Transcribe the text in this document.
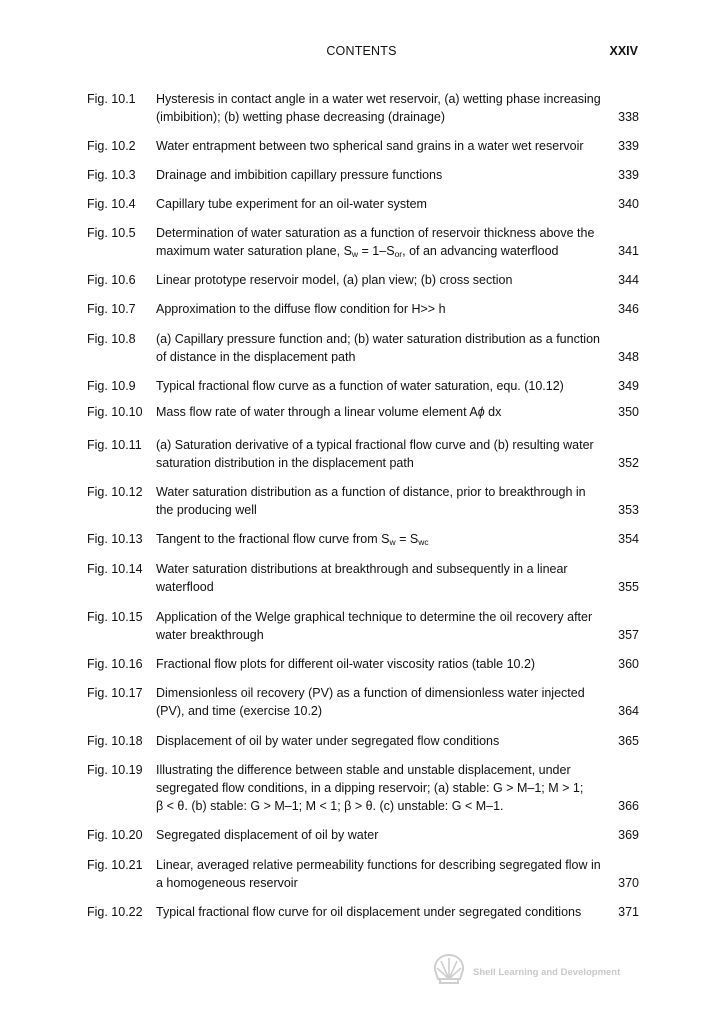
CONTENTS	XXIV
Fig. 10.1 Hysteresis in contact angle in a water wet reservoir, (a) wetting phase increasing
(imbibition); (b) wetting phase decreasing (drainage)	338
Fig. 10.2 Water entrapment between two spherical sand grains in a water wet reservoir	339
Fig. 10.3 Drainage and imbibition capillary pressure functions	339
Fig. 10.4 Capillary tube experiment for an oil-water system	340
Fig. 10.5 Determination of water saturation as a function of reservoir thickness above the
maximum water saturation plane, $S_w = 1-S_{or}$, of an advancing waterflood	341
Fig. 10.6 Linear prototype reservoir model, (a) plan view; (b) cross section	344
Fig. 10.7 Approximation to the diffuse flow condition for H>> h	346
Fig. 10.8 (a) Capillary pressure function and; (b) water saturation distribution as a function
of distance in the displacement path	348
Fig. 10.9 Typical fractional flow curve as a function of water saturation, equ. (10.12)	349
Fig. 10.10 Mass flow rate of water through a linear volume element Aϕ dx	350
Fig. 10.11 (a) Saturation derivative of a typical fractional flow curve and (b) resulting water
saturation distribution in the displacement path	352
Fig. 10.12 Water saturation distribution as a function of distance, prior to breakthrough in
the producing well	353
Fig. 10.13 Tangent to the fractional flow curve from $S_w = S_{wc}$	354
Fig. 10.14 Water saturation distributions at breakthrough and subsequently in a linear
waterflood	355
Fig. 10.15 Application of the Welge graphical technique to determine the oil recovery after
water breakthrough	357
Fig. 10.16 Fractional flow plots for different oil-water viscosity ratios (table 10.2)	360
Fig. 10.17 Dimensionless oil recovery (PV) as a function of dimensionless water injected
(PV), and time (exercise 10.2)	364
Fig. 10.18 Displacement of oil by water under segregated flow conditions	365
Fig. 10.19 Illustrating the difference between stable and unstable displacement, under
segregated flow conditions, in a dipping reservoir; (a) stable: G > M–1; M > 1;
β < θ. (b) stable: G > M–1; M < 1; β > θ. (c) unstable: G < M–1.	366
Fig. 10.20 Segregated displacement of oil by water	369
Fig. 10.21 Linear, averaged relative permeability functions for describing segregated flow in
a homogeneous reservoir	370
Fig. 10.22 Typical fractional flow curve for oil displacement under segregated conditions	371
Shell Learning and Development
